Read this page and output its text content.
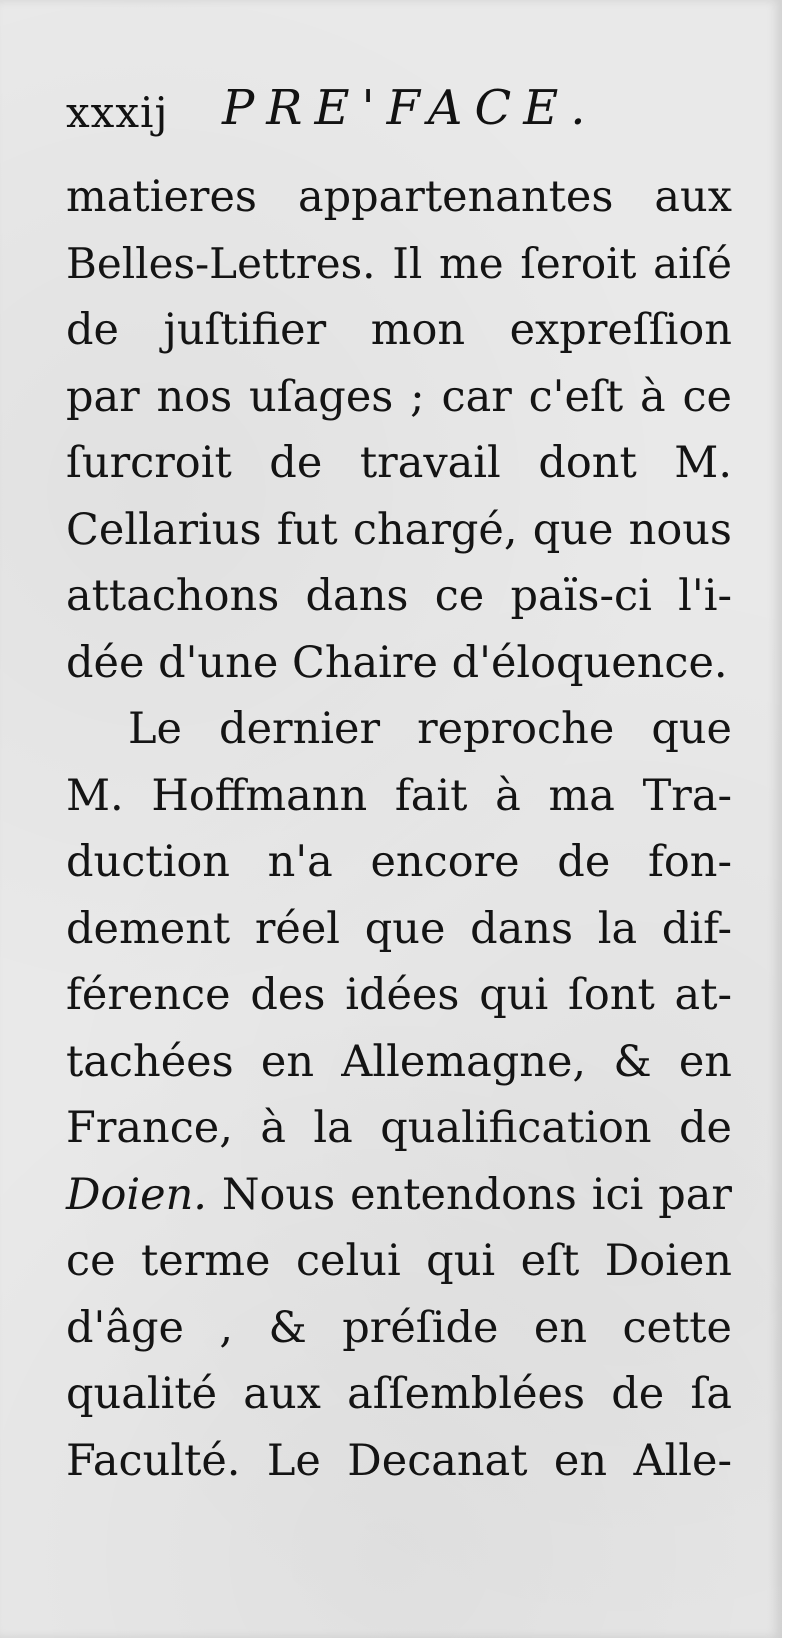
xxxij PRE'FACE.
matieres appartenantes aux
Belles-Lettres. Il me ſeroit aiſé
de juſtifier mon expreſſion
par nos uſages ; car c'eſt à ce
ſurcroit de travail dont M.
Cellarius fut chargé, que nous
attachons dans ce païs-ci l'i-
dée d'une Chaire d'éloquence.
Le dernier reproche que
M. Hoffmann fait à ma Tra-
duction n'a encore de fon-
dement réel que dans la dif-
férence des idées qui ſont at-
tachées en Allemagne, & en
France, à la qualification de
Doien. Nous entendons ici par
ce terme celui qui eſt Doien
d'âge , & préſide en cette
qualité aux aſſemblées de ſa
Faculté. Le Decanat en Alle-
